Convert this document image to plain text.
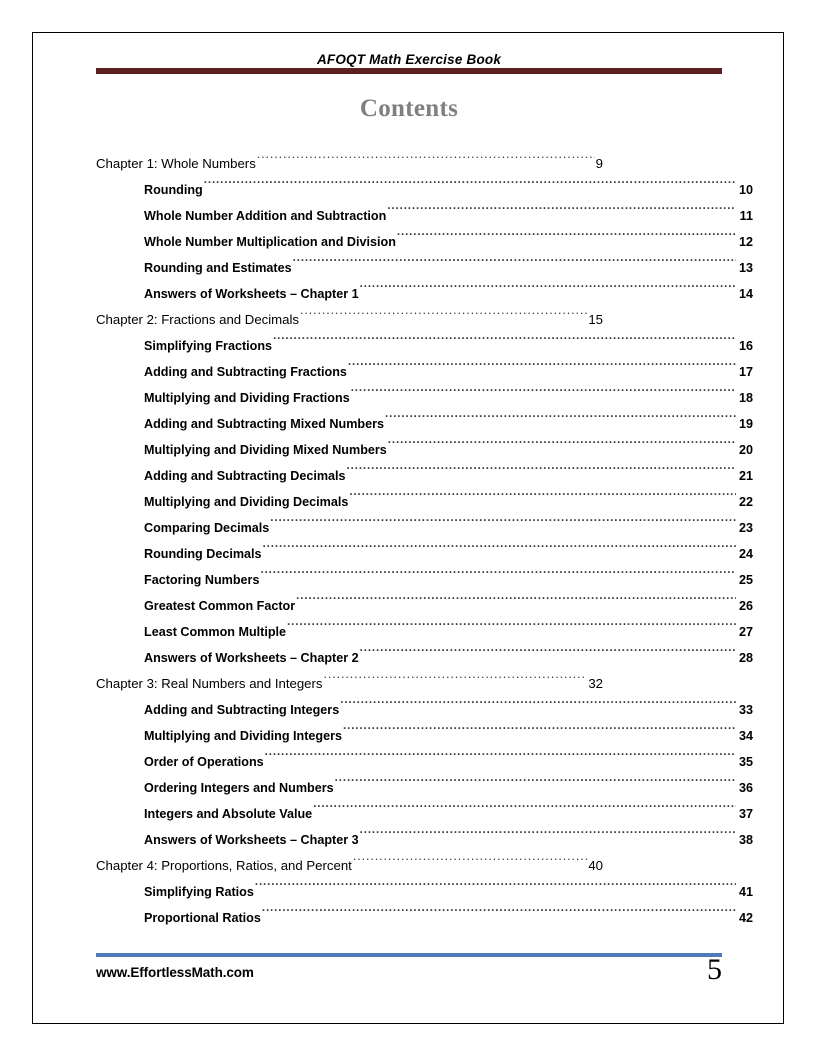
AFOQT Math Exercise Book
Contents
Chapter 1: Whole Numbers .....	9
Rounding .....	10
Whole Number Addition and Subtraction .....	11
Whole Number Multiplication and Division .....	12
Rounding and Estimates .....	13
Answers of Worksheets – Chapter 1 .....	14
Chapter 2: Fractions and Decimals .....	15
Simplifying Fractions .....	16
Adding and Subtracting Fractions .....	17
Multiplying and Dividing Fractions .....	18
Adding and Subtracting Mixed Numbers .....	19
Multiplying and Dividing Mixed Numbers .....	20
Adding and Subtracting Decimals .....	21
Multiplying and Dividing Decimals .....	22
Comparing Decimals .....	23
Rounding Decimals .....	24
Factoring Numbers .....	25
Greatest Common Factor .....	26
Least Common Multiple .....	27
Answers of Worksheets – Chapter 2 .....	28
Chapter 3: Real Numbers and Integers .....	32
Adding and Subtracting Integers .....	33
Multiplying and Dividing Integers .....	34
Order of Operations .....	35
Ordering Integers and Numbers .....	36
Integers and Absolute Value .....	37
Answers of Worksheets – Chapter 3 .....	38
Chapter 4: Proportions, Ratios, and Percent .....	40
Simplifying Ratios .....	41
Proportional Ratios .....	42
www.EffortlessMath.com	5
